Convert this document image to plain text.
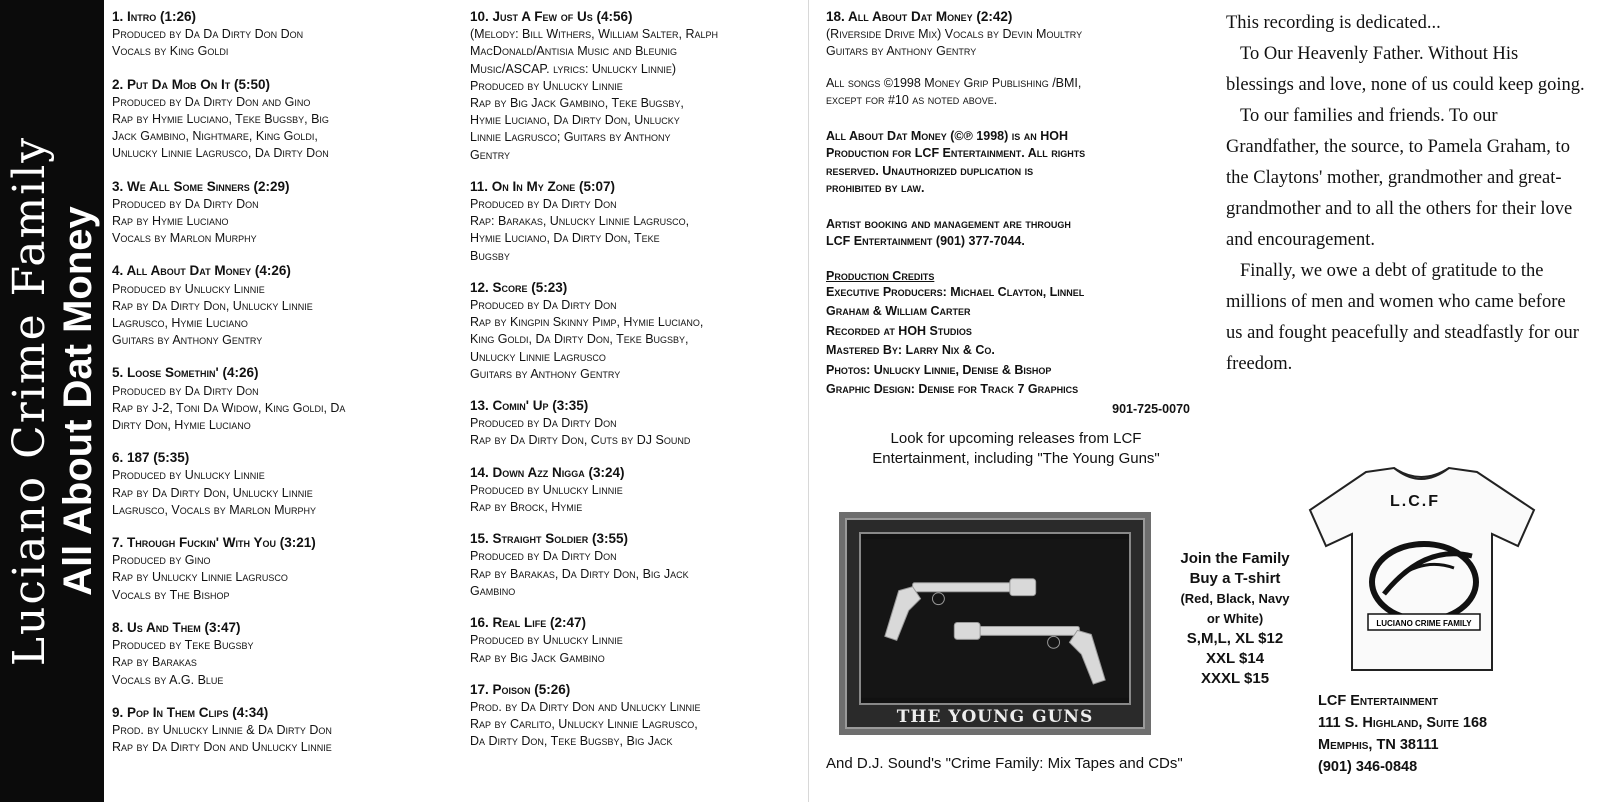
Luciano Crime Family All About Dat Money
1. Intro (1:26)
Produced by Da Da Dirty Don Don
Vocals by King Goldi
2. Put Da Mob On It (5:50)
Produced by Da Dirty Don and Gino
Rap by Hymie Luciano, Teke Bugsby, Big
Jack Gambino, Nightmare, King Goldi,
Unlucky Linnie Lagrusco, Da Dirty Don
3. We All Some Sinners (2:29)
Produced by Da Dirty Don
Rap by Hymie Luciano
Vocals by Marlon Murphy
4. All About Dat Money (4:26)
Produced by Unlucky Linnie
Rap by Da Dirty Don, Unlucky Linnie
Lagrusco, Hymie Luciano
Guitars by Anthony Gentry
5. Loose Somethin' (4:26)
Produced by Da Dirty Don
Rap by J-2, Toni Da Widow, King Goldi, Da
Dirty Don, Hymie Luciano
6. 187 (5:35)
Produced by Unlucky Linnie
Rap by Da Dirty Don, Unlucky Linnie
Lagrusco, Vocals by Marlon Murphy
7. Through Fuckin' With You (3:21)
Produced by Gino
Rap by Unlucky Linnie Lagrusco
Vocals by The Bishop
8. Us And Them (3:47)
Produced by Teke Bugsby
Rap by Barakas
Vocals by A.G. Blue
9. Pop In Them Clips (4:34)
Prod. by Unlucky Linnie & Da Dirty Don
Rap by Da Dirty Don and Unlucky Linnie
10. Just A Few of Us (4:56)
(Melody: Bill Withers, William Salter, Ralph
MacDonald/Antisia Music and Bleunig
Music/ASCAP. lyrics: Unlucky Linnie)
Produced by Unlucky Linnie
Rap by Big Jack Gambino, Teke Bugsby,
Hymie Luciano, Da Dirty Don, Unlucky
Linnie Lagrusco; Guitars by Anthony
Gentry
11. On In My Zone (5:07)
Produced by Da Dirty Don
Rap: Barakas, Unlucky Linnie Lagrusco,
Hymie Luciano, Da Dirty Don, Teke
Bugsby
12. Score (5:23)
Produced by Da Dirty Don
Rap by Kingpin Skinny Pimp, Hymie Luciano,
King Goldi, Da Dirty Don, Teke Bugsby,
Unlucky Linnie Lagrusco
Guitars by Anthony Gentry
13. Comin' Up (3:35)
Produced by Da Dirty Don
Rap by Da Dirty Don, Cuts by DJ Sound
14. Down Azz Nigga (3:24)
Produced by Unlucky Linnie
Rap by Brock, Hymie
15. Straight Soldier (3:55)
Produced by Da Dirty Don
Rap by Barakas, Da Dirty Don, Big Jack
Gambino
16. Real Life (2:47)
Produced by Unlucky Linnie
Rap by Big Jack Gambino
17. Poison (5:26)
Prod. by Da Dirty Don and Unlucky Linnie
Rap by Carlito, Unlucky Linnie Lagrusco,
Da Dirty Don, Teke Bugsby, Big Jack
18. All About Dat Money (2:42)
(Riverside Drive Mix) Vocals by Devin Moultry
Guitars by Anthony Gentry
All songs ©1998 Money Grip Publishing /BMI,
except for #10 as noted above.
All About Dat Money (©℗ 1998) is an HOH
Production for LCF Entertainment. All rights
reserved. Unauthorized duplication is
prohibited by law.
Artist booking and management are through
LCF Entertainment (901) 377-7044.
Production Credits
Executive Producers: Michael Clayton, Linnel
Graham & William Carter
Recorded at HOH Studios
Mastered By: Larry Nix & Co.
Photos: Unlucky Linnie, Denise & Bishop
Graphic Design: Denise for Track 7 Graphics
901-725-0070
Look for upcoming releases from LCF
Entertainment, including "The Young Guns"
THE YOUNG GUNS
And D.J. Sound's "Crime Family: Mix Tapes and CDs"
Join the Family
Buy a T-shirt
(Red, Black, Navy
or White)
S,M,L, XL $12
XXL $14
XXXL $15
LUCIANO CRIME FAMILY
L.C.F
LCF Entertainment
111 S. Highland, Suite 168
Memphis, TN 38111
(901) 346-0848

This recording is dedicated...

To Our Heavenly Father. Without His blessings and love, none of us could keep going.

To our families and friends. To our Grandfather, the source, to Pamela Graham, to the Claytons' mother, grandmother and great-grandmother and to all the others for their love and encouragement.

Finally, we owe a debt of gratitude to the millions of men and women who came before us and fought peacefully and steadfastly for our freedom.
